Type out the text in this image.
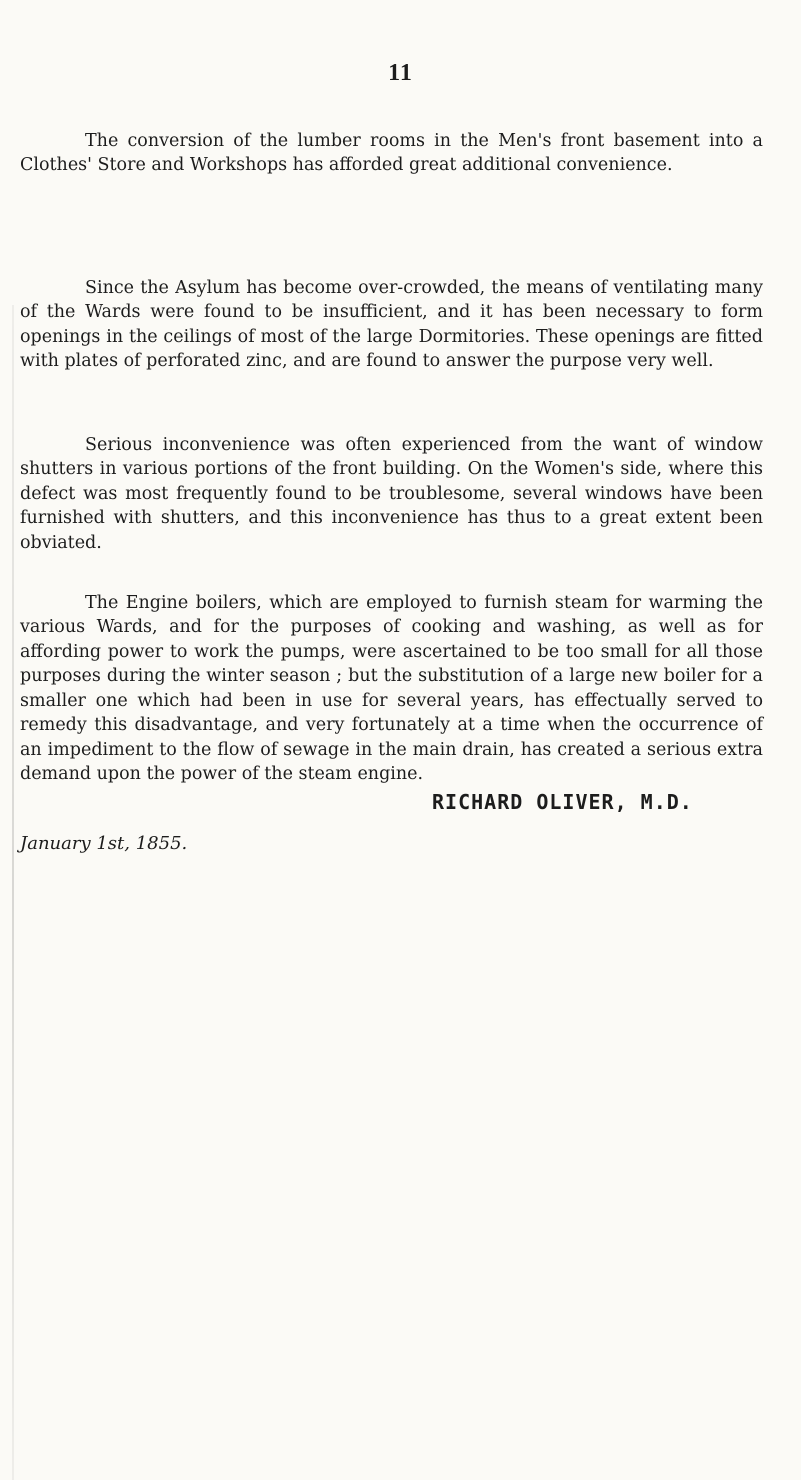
11

The conversion of the lumber rooms in the Men's front basement into a Clothes' Store and Workshops has afforded great additional convenience.

Since the Asylum has become over-crowded, the means of ventilating many of the Wards were found to be insufficient, and it has been necessary to form openings in the ceilings of most of the large Dormitories. These openings are fitted with plates of perforated zinc, and are found to answer the purpose very well.

Serious inconvenience was often experienced from the want of window shutters in various portions of the front building. On the Women's side, where this defect was most frequently found to be troublesome, several windows have been furnished with shutters, and this inconvenience has thus to a great extent been obviated.

The Engine boilers, which are employed to furnish steam for warming the various Wards, and for the purposes of cooking and washing, as well as for affording power to work the pumps, were ascertained to be too small for all those purposes during the winter season ; but the substitution of a large new boiler for a smaller one which had been in use for several years, has effectually served to remedy this disadvantage, and very fortunately at a time when the occurrence of an impediment to the flow of sewage in the main drain, has created a serious extra demand upon the power of the steam engine.

RICHARD OLIVER, M.D.
January 1st, 1855.
